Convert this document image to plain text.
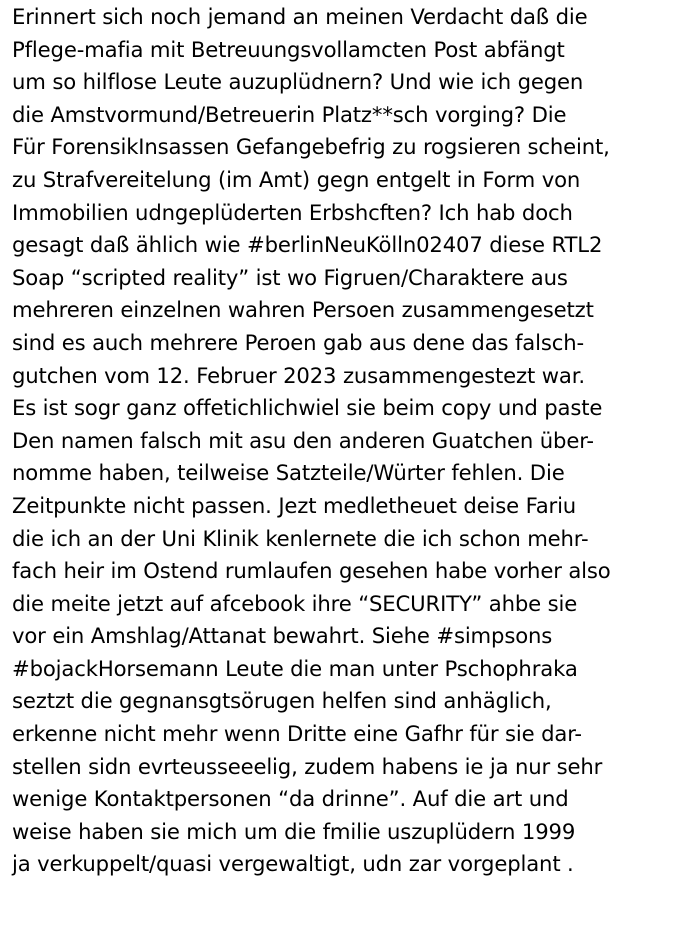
Erinnert sich noch jemand an meinen Verdacht daß die
Pflege-mafia mit Betreuungsvollamcten Post abfängt
um so hilflose Leute auzuplüdnern? Und wie ich gegen
die Amstvormund/Betreuerin Platz**sch vorging? Die
Für ForensikInsassen Gefangebefrig zu rogsieren scheint,
zu Strafvereitelung (im Amt) gegn entgelt in Form von
Immobilien udngeplüderten Erbshcften? Ich hab doch
gesagt daß ählich wie #berlinNeuKölln02407 diese RTL2
Soap “scripted reality” ist wo Figruen/Charaktere aus
mehreren einzelnen wahren Persoen zusammengesetzt
sind es auch mehrere Peroen gab aus dene das falsch-
gutchen vom 12. Februer 2023 zusammengestezt war.
Es ist sogr ganz offetichlichwiel sie beim copy und paste
Den namen falsch mit asu den anderen Guatchen über-
nomme haben, teilweise Satzteile/Würter fehlen. Die
Zeitpunkte nicht passen. Jezt medletheuet deise Fariu
die ich an der Uni Klinik kenlernete die ich schon mehr-
fach heir im Ostend rumlaufen gesehen habe vorher also
die meite jetzt auf afcebook ihre “SECURITY” ahbe sie
vor ein Amshlag/Attanat bewahrt. Siehe #simpsons
#bojackHorsemann Leute die man unter Pschophraka
seztzt die gegnansgtsörugen helfen sind anhäglich,
erkenne nicht mehr wenn Dritte eine Gafhr für sie dar-
stellen sidn evrteusseeelig, zudem habens ie ja nur sehr
wenige Kontaktpersonen “da drinne”. Auf die art und
weise haben sie mich um die fmilie uszuplüdern 1999
ja verkuppelt/quasi vergewaltigt, udn zar vorgeplant .
